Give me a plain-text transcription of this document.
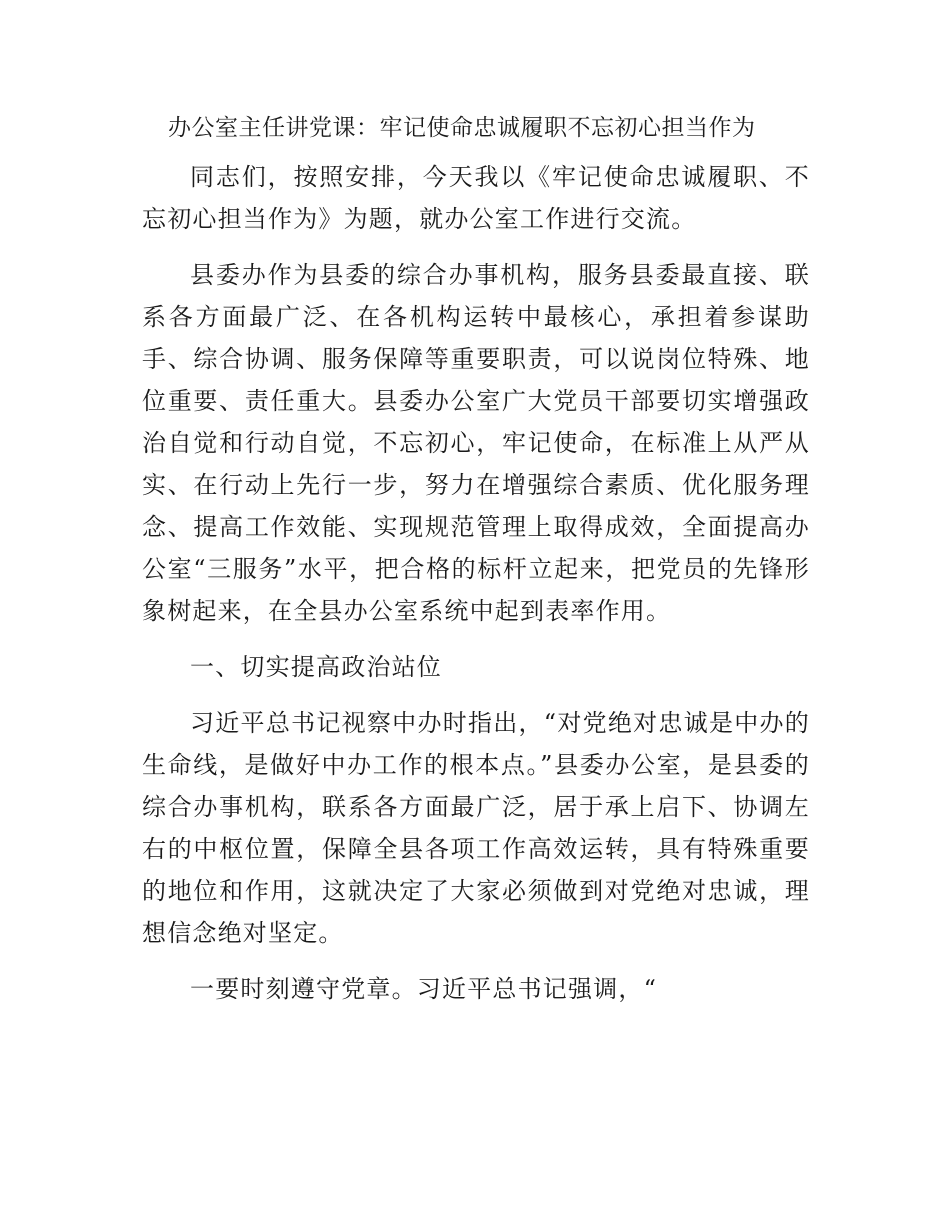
办公室主任讲党课：牢记使命忠诚履职不忘初心担当作为

同志们，按照安排，今天我以《牢记使命忠诚履职、不忘初心担当作为》为题，就办公室工作进行交流。

县委办作为县委的综合办事机构，服务县委最直接、联系各方面最广泛、在各机构运转中最核心，承担着参谋助手、综合协调、服务保障等重要职责，可以说岗位特殊、地位重要、责任重大。县委办公室广大党员干部要切实增强政治自觉和行动自觉，不忘初心，牢记使命，在标准上从严从实、在行动上先行一步，努力在增强综合素质、优化服务理念、提高工作效能、实现规范管理上取得成效，全面提高办公室“三服务”水平，把合格的标杆立起来，把党员的先锋形象树起来，在全县办公室系统中起到表率作用。

一、切实提高政治站位

习近平总书记视察中办时指出，“对党绝对忠诚是中办的生命线，是做好中办工作的根本点。”县委办公室，是县委的综合办事机构，联系各方面最广泛，居于承上启下、协调左右的中枢位置，保障全县各项工作高效运转，具有特殊重要的地位和作用，这就决定了大家必须做到对党绝对忠诚，理想信念绝对坚定。

一要时刻遵守党章。习近平总书记强调，“
